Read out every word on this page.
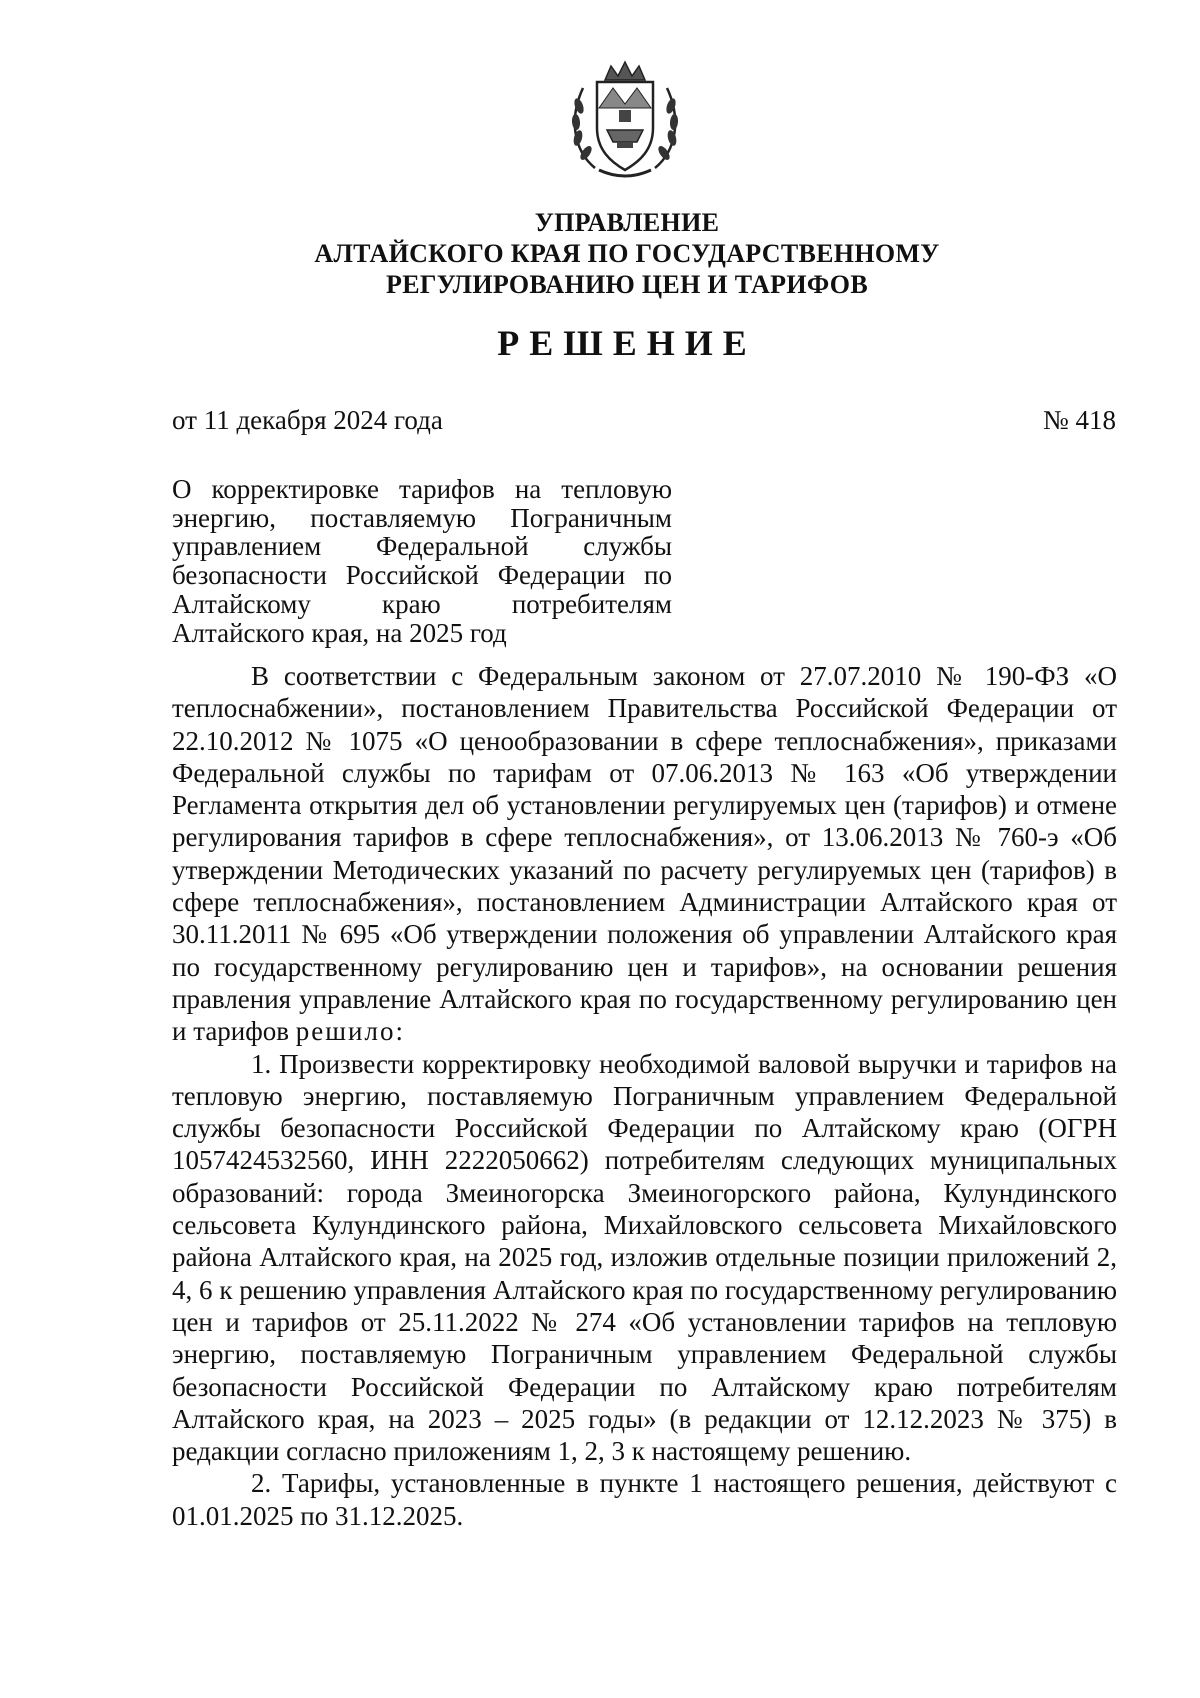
УПРАВЛЕНИЕ
АЛТАЙСКОГО КРАЯ ПО ГОСУДАРСТВЕННОМУ
РЕГУЛИРОВАНИЮ ЦЕН И ТАРИФОВ
РЕШЕНИЕ
от 11 декабря 2024 года	№ 418
О корректировке тарифов на тепловую
энергию, поставляемую Пограничным
управлением Федеральной службы
безопасности Российской Федерации по
Алтайскому краю потребителям
Алтайского края, на 2025 год

В соответствии с Федеральным законом от 27.07.2010 № 190-ФЗ «О теплоснабжении», постановлением Правительства Российской Федерации от 22.10.2012 № 1075 «О ценообразовании в сфере теплоснабжения», приказами Федеральной службы по тарифам от 07.06.2013 № 163 «Об утверждении Регламента открытия дел об установлении регулируемых цен (тарифов) и отмене регулирования тарифов в сфере теплоснабжения», от 13.06.2013 № 760-э «Об утверждении Методических указаний по расчету регулируемых цен (тарифов) в сфере теплоснабжения», постановлением Администрации Алтайского края от 30.11.2011 № 695 «Об утверждении положения об управлении Алтайского края по государственному регулированию цен и тарифов», на основании решения правления управление Алтайского края по государственному регулированию цен и тарифов решило:

1. Произвести корректировку необходимой валовой выручки и тарифов на тепловую энергию, поставляемую Пограничным управлением Федеральной службы безопасности Российской Федерации по Алтайскому краю (ОГРН 1057424532560, ИНН 2222050662) потребителям следующих муниципальных образований: города Змеиногорска Змеиногорского района, Кулундинского сельсовета Кулундинского района, Михайловского сельсовета Михайловского района Алтайского края, на 2025 год, изложив отдельные позиции приложений 2, 4, 6 к решению управления Алтайского края по государственному регулированию цен и тарифов от 25.11.2022 № 274 «Об установлении тарифов на тепловую энергию, поставляемую Пограничным управлением Федеральной службы безопасности Российской Федерации по Алтайскому краю потребителям Алтайского края, на 2023 – 2025 годы» (в редакции от 12.12.2023 № 375) в редакции согласно приложениям 1, 2, 3 к настоящему решению.

2. Тарифы, установленные в пункте 1 настоящего решения, действуют с 01.01.2025 по 31.12.2025.
